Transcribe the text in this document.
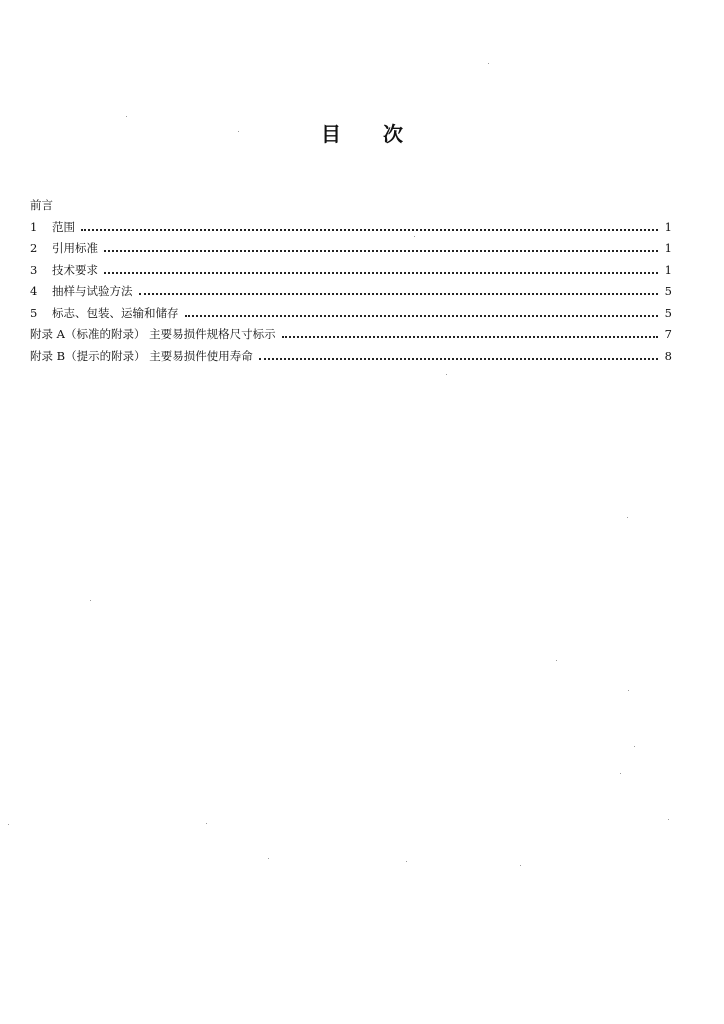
目 次
前言
1 范围	1
2 引用标准	1
3 技术要求	1
4 抽样与试验方法	5
5 标志、包装、运输和储存	5
附录 A（标准的附录） 主要易损件规格尺寸标示	7
附录 B（提示的附录） 主要易损件使用寿命	8
